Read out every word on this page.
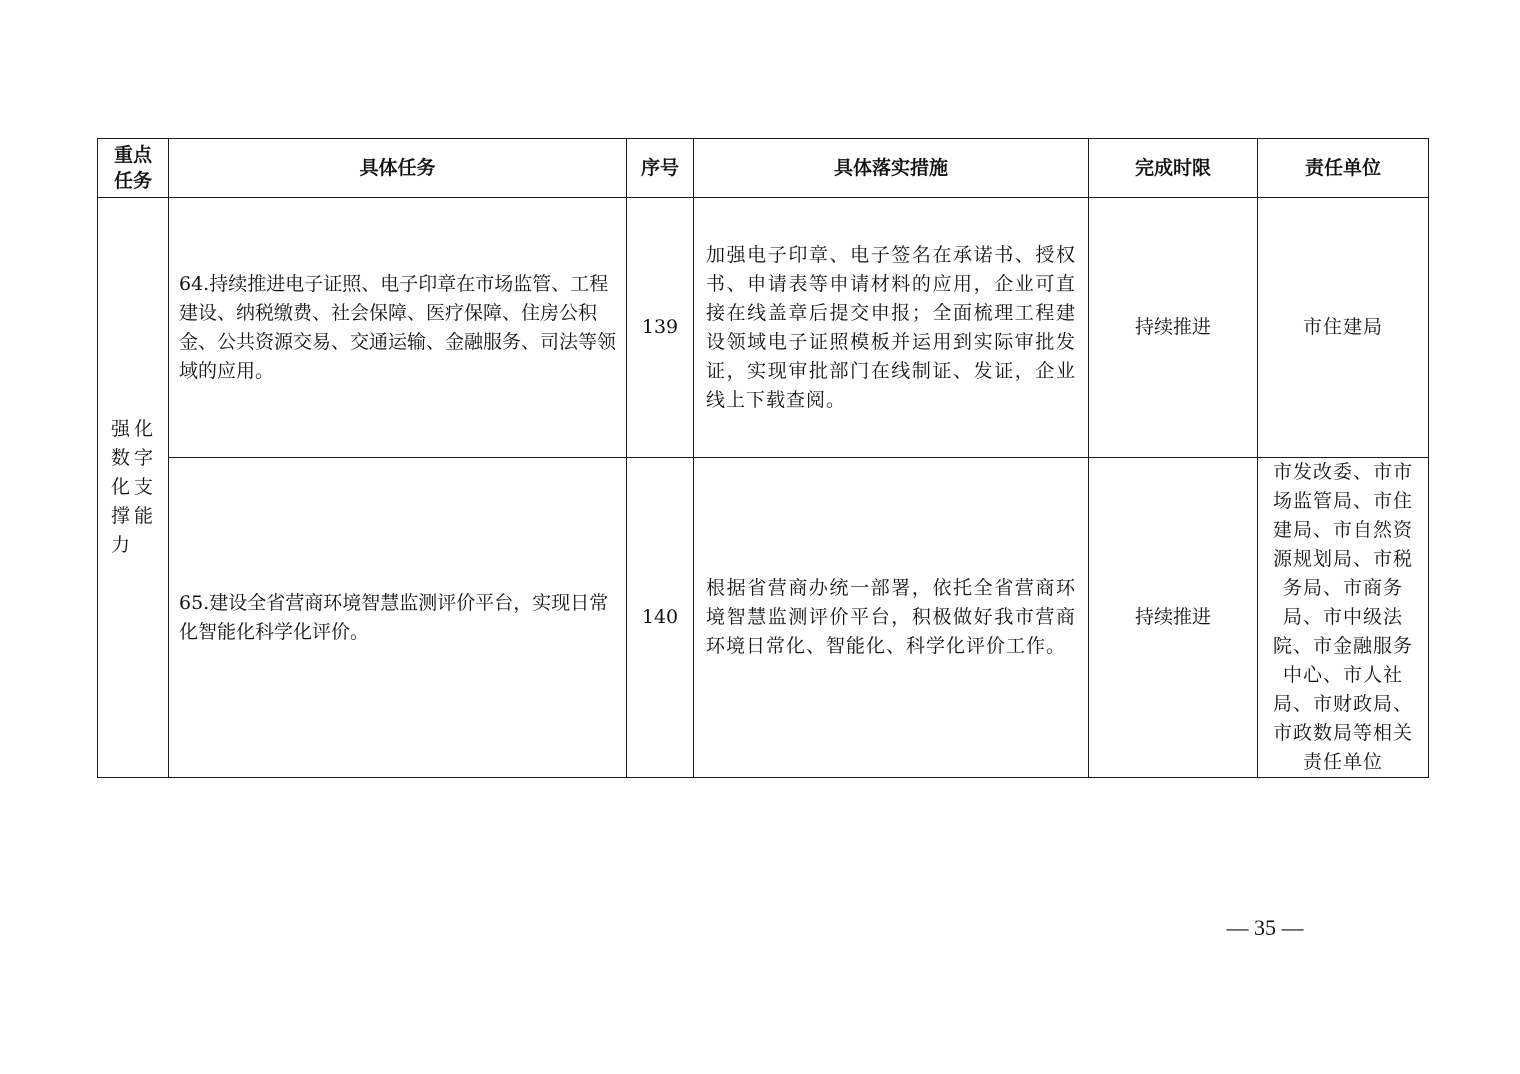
重点任务	具体任务	序号	具体落实措施	完成时限	责任单位
强化数字化支撑能力	64.持续推进电子证照、电子印章在市场监管、工程建设、纳税缴费、社会保障、医疗保障、住房公积金、公共资源交易、交通运输、金融服务、司法等领域的应用。	139	加强电子印章、电子签名在承诺书、授权书、申请表等申请材料的应用，企业可直接在线盖章后提交申报；全面梳理工程建设领域电子证照模板并运用到实际审批发证，实现审批部门在线制证、发证，企业线上下载查阅。	持续推进	市住建局
	65.建设全省营商环境智慧监测评价平台，实现日常化智能化科学化评价。	140	根据省营商办统一部署，依托全省营商环境智慧监测评价平台，积极做好我市营商环境日常化、智能化、科学化评价工作。	持续推进	市发改委、市市场监管局、市住建局、市自然资源规划局、市税务局、市商务局、市中级法院、市金融服务中心、市人社局、市财政局、市政数局等相关责任单位
— 35 —
